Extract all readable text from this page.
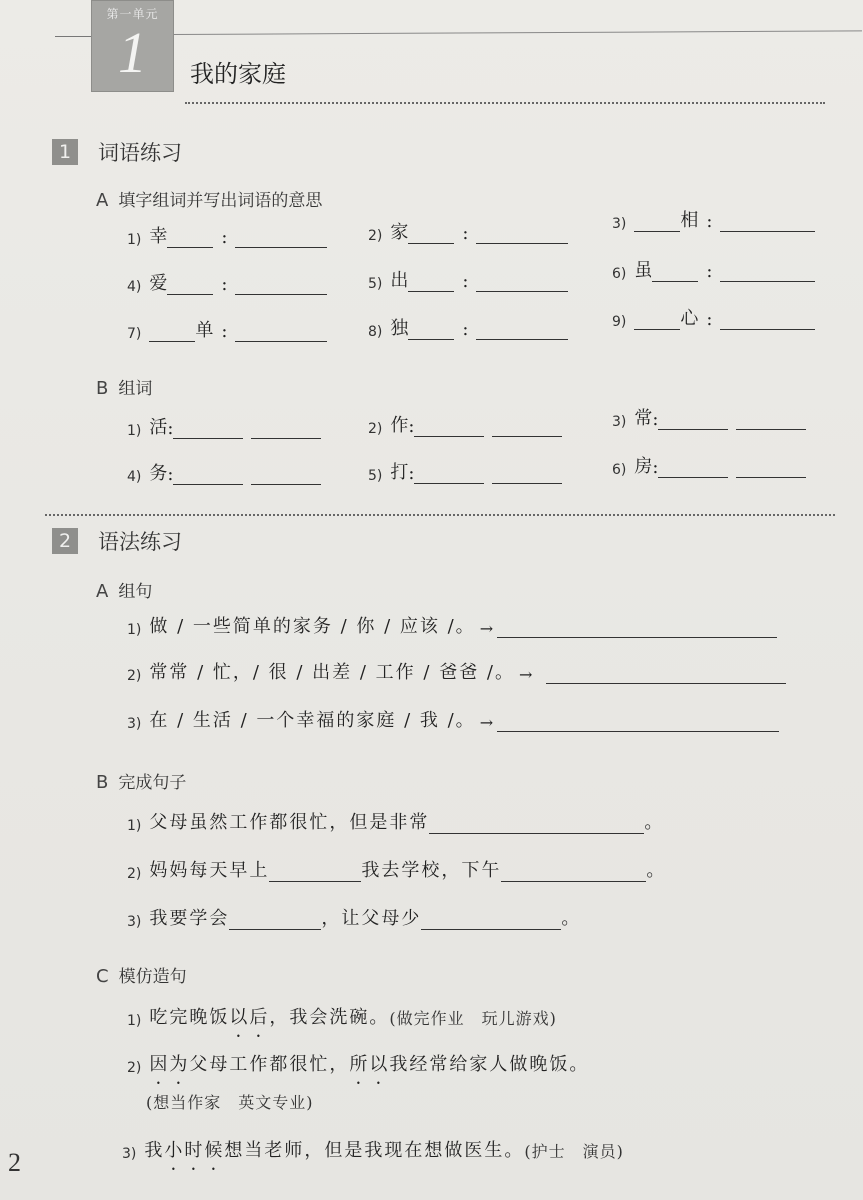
第一单元
1 我的家庭
1	词语练习
A 填字组词并写出词语的意思
1) 幸	:	2) 家	:	3)	相 :
4) 爱	:	5) 出	:	6) 虽	:
7)	单 :	8) 独	:	9)	心 :
B 组词
1) 活 :	2) 作 :	3) 常 :
4) 务 :	5) 打 :	6) 房 :
2	语法练习
A 组句
1) 做 / 一些简单的家务 / 你 / 应该 /。 →
2) 常常 / 忙，/ 很 / 出差 / 工作 / 爸爸 /。 →
3) 在 / 生活 / 一个幸福的家庭 / 我 /。 →
B 完成句子
1) 父母虽然工作都很忙，但是非常	。
2) 妈妈每天早上	我去学校，下午	。
3) 我要学会	，让父母少	。
C 模仿造句
1) 吃完晚饭 以 • 后 • ，我会洗碗。 (做完作业　玩儿游戏)
2) 因 • 为 • 父母工作都很忙， 所 • 以 • 我经常给家人做晚饭。
(想当作家　英文专业)
3) 我 小 • 时 • 候 • 想当老师，但是我现在想做医生。 (护士　演员)
2
